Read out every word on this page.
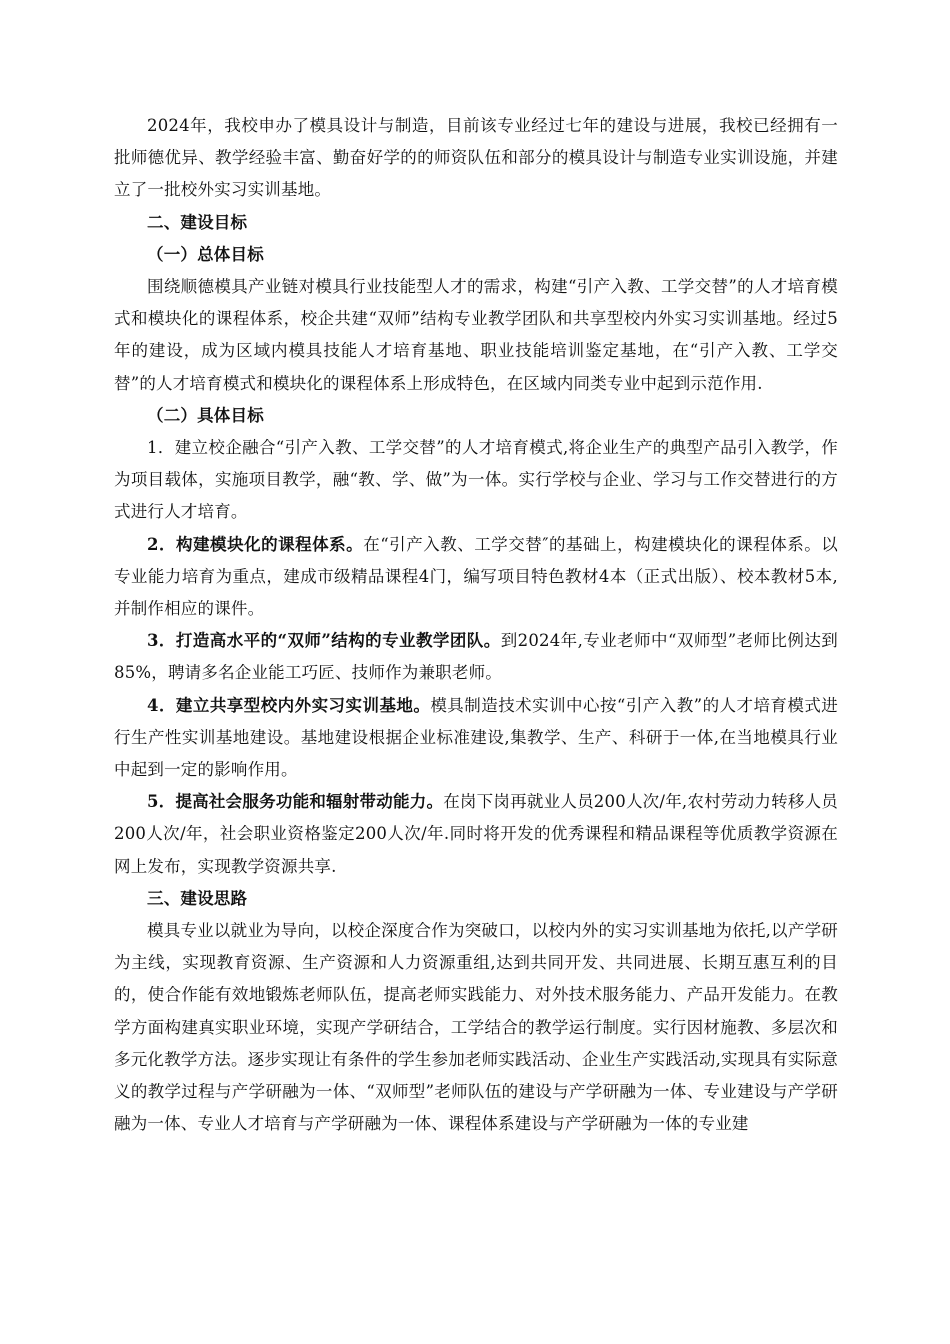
2024年，我校申办了模具设计与制造，目前该专业经过七年的建设与进展，我校已经拥有一批师德优异、教学经验丰富、勤奋好学的的师资队伍和部分的模具设计与制造专业实训设施，并建立了一批校外实习实训基地。

二、建设目标

（一）总体目标

围绕顺德模具产业链对模具行业技能型人才的需求，构建“引产入教、工学交替”的人才培育模式和模块化的课程体系，校企共建“双师”结构专业教学团队和共享型校内外实习实训基地。经过5年的建设，成为区域内模具技能人才培育基地、职业技能培训鉴定基地，在“引产入教、工学交替”的人才培育模式和模块化的课程体系上形成特色，在区域内同类专业中起到示范作用.

（二）具体目标

1．建立校企融合“引产入教、工学交替”的人才培育模式,将企业生产的典型产品引入教学，作为项目载体，实施项目教学，融“教、学、做”为一体。实行学校与企业、学习与工作交替进行的方式进行人才培育。

2．构建模块化的课程体系。在“引产入教、工学交替″的基础上，构建模块化的课程体系。以专业能力培育为重点，建成市级精品课程4门，编写项目特色教材4本（正式出版）、校本教材5本,并制作相应的课件。

3．打造高水平的“双师”结构的专业教学团队。到2024年,专业老师中“双师型”老师比例达到85%，聘请多名企业能工巧匠、技师作为兼职老师。

4．建立共享型校内外实习实训基地。模具制造技术实训中心按“引产入教”的人才培育模式进行生产性实训基地建设。基地建设根据企业标准建设,集教学、生产、科研于一体,在当地模具行业中起到一定的影响作用。

5．提高社会服务功能和辐射带动能力。在岗下岗再就业人员200人次/年,农村劳动力转移人员200人次/年，社会职业资格鉴定200人次/年.同时将开发的优秀课程和精品课程等优质教学资源在网上发布，实现教学资源共享.

三、建设思路

模具专业以就业为导向，以校企深度合作为突破口，以校内外的实习实训基地为依托,以产学研为主线，实现教育资源、生产资源和人力资源重组,达到共同开发、共同进展、长期互惠互利的目的，使合作能有效地锻炼老师队伍，提高老师实践能力、对外技术服务能力、产品开发能力。在教学方面构建真实职业环境，实现产学研结合，工学结合的教学运行制度。实行因材施教、多层次和多元化教学方法。逐步实现让有条件的学生参加老师实践活动、企业生产实践活动,实现具有实际意义的教学过程与产学研融为一体、“双师型”老师队伍的建设与产学研融为一体、专业建设与产学研融为一体、专业人才培育与产学研融为一体、课程体系建设与产学研融为一体的专业建
